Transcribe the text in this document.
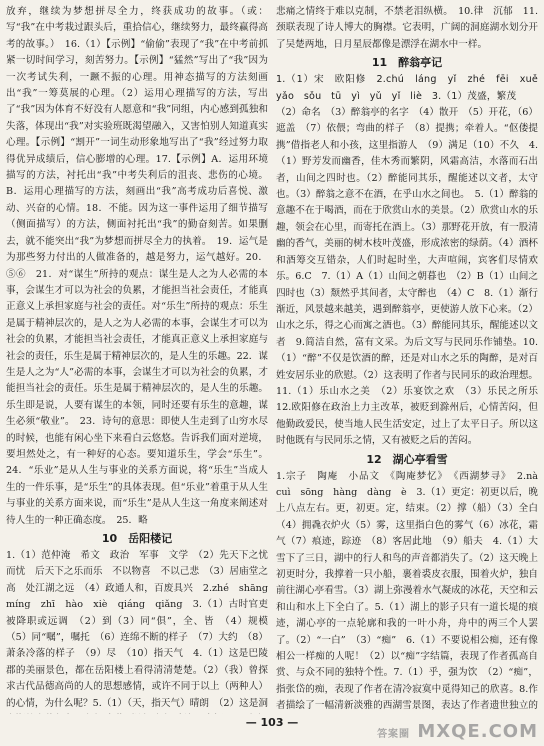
放弃，继续为梦想拼尽全力，终获成功的故事。（或：写“我”在中考栽过跟头后，重拾信心，继续努力，最终赢得高考的故事。）　16.（1）【示例】“偷偷”表现了“我”在中考前抓紧一切时间学习，刻苦努力。【示例】“猛然”写出了“我”因为一次考试失利，一蹶不振的心理。用神态描写的方法刻画出“我”一筹莫展的心理。（2）运用心理描写的方法，写出了“我”因为体育不好没有人愿意和“我”同组，内心感到孤独和失落，体现出“我”对实验班既渴望融入，又害怕别人知道真实心理。【示例】“割开”一词生动形象地写出了“我”经过努力取得优异成绩后，信心膨增的心理。17.【示例】A．运用环境描写的方法，衬托出“我”中考失利后的沮丧、悲伤的心境。B．运用心理描写的方法，刻画出“我”高考成功后喜悦、激动、兴奋的心情。18．不能。因为这一事件运用了细节描写（侧面描写）的方法，侧面衬托出“我”的勤奋刻苦。如果删去，就不能突出“我”为梦想而拼尽全力的执着。　19．运气是为那些努力付出的人做准备的，越是努力，运气越好。20．⑤⑥　21．对“谋生”所持的观点：谋生是人之为人必需的本事，会谋生才可以为社会的负累，才能担当社会责任，才能真正意义上承担家庭与社会的责任。对“乐生”所持的观点：乐生是属于精神层次的，是人之为人必需的本事，会谋生才可以为社会的负累，才能担当社会责任，才能真正意义上承担家庭与社会的责任，乐生是属于精神层次的，是人生的乐趣。22．谋生是人之为“人”必需的本事，会谋生才可以为社会的负累，才能担当社会的责任。乐生是属于精神层次的，是人生的乐趣。乐生即是说，人要有谋生的本领，同时还要有乐生的意趣，谋生必须“敬业”。　23．诗句的意思：即使人生走到了山穷水尽的时候，也能有闲心坐下来看白云悠悠。告诉我们面对逆境，要坦然处之，有一种好的心态。要知道乐生，学会“乐生”。24．“乐业”是从人生与事业的关系方面说，将“乐生”当成人生的一件乐事，是“乐生”的具体表现。但“乐业”着重于从人生与事业的关系方面来说，而“乐生”是从人生这一角度来阐述对待人生的一种正确态度。　25．略

10　岳阳楼记

1.（1）范仲淹　希文　政治　军事　文学　（2）先天下之忧而忧　后天下之乐而乐　不以物喜　不以己悲　（3）居庙堂之高　处江湖之远　（4）政通人和，百废具兴　2.zhé　shāng　míng　zhī　hào　xiè　qiáng　qiǎng　3.（1）古时官吏被降职或远调　（2）到（3）同“俱”，全、皆　（4）规模　（5）同“嘱”，嘱托　（6）连绵不断的样子　（7）大约　（8）萧条冷落的样子　（9）尽　（10）指天气　4.（1）这是巴陵郡的美丽景色，都在岳阳楼上看得清清楚楚。（2）（我）曾探求古代品德高尚的人的思想感情，或许不同于以上（两种人）的心情，为什么呢？5.（1）（天，指天气）晴朗　（2）这是洞　　　　　　　　　　

悲痛之情终于难以克制，不禁老泪纵横。　10.律　沉郁　11.颈联表现了诗人博大的胸襟。它表明，广阔的洞庭湖水划分开了吴楚两地，日月星辰都像是漂浮在湖水中一样。

11　醉翁亭记

1.（1）宋　欧阳修　2.chú　láng　yǐ　zhé　fēi　xuě　yǎo　sǒu　tū　yì　yǔ　yǐ　liè　3.（1）茂盛，繁茂

（2）命名　（3）醉翁亭的名字　（4）散开　（5）开花，（6）遮盖　（7）依偎；弯曲的样子　（8）提携；牵着人。“伛偻提携”借指老人和小孩，这里指游人　（9）满足（10）不久　4.（1）野芳发而幽香，佳木秀而繁阴，风霜高洁，水落而石出者，山间之四时也。（2）醉能同其乐，醒能述以文者，太守也。（3）醉翁之意不在酒，在乎山水之间也。　5.（1）醉翁的意趣不在于喝酒，而在于欣赏山水的美景。（2）欣赏山水的乐趣，领会在心里，而寄托在酒上。（3）那野花开放，有一股清幽的香气，美丽的树木枝叶茂盛，形成浓密的绿荫。（4）酒杯和酒筹交互错杂，人们时起时坐，大声喧闹，宾客们尽情欢乐。6.C　7.（1）A（1）山间之朝暮也　（2）B（1）山间之四时也（3）颓然乎其间者，太守醉也　（4）C　8.（1）渐行渐近，风景越来越美，遇到醉翁亭，更使游人放下心来。（2）山水之乐，得之心而寓之酒也。（3）醉能同其乐，醒能述以文者　9.简洁自然，富有文采。为后文写与民同乐作铺垫。10.（1）“醉”不仅是饮酒的醉，还是对山水之乐的陶醉，是对百姓安居乐业的欣慰。（2）这表明了作者与民同乐的政治理想。11.（1）乐山水之美　（2）乐宴饮之欢　（3）乐民之所乐　12.欧阳修在政治上力主改革，被贬到滁州后，心情苦闷，但他勤政爱民，使当地人民生活安定，过上了太平日子。所以这时他既有与民同乐之情，又有被贬之后的苦闷。

12　湖心亭看雪

1.宗子　陶庵　小品文　《陶庵梦忆》　《西湖梦寻》　2.nà　cuì　sōng　hàng　dàng　è　3.（1）更定：初更以后，晚上八点左右。更，初更。定，结束。（2）撑（船）（3）全白（4）拥毳衣炉火（5）雾，这里指白色的雾气（6）冰花，霜气（7）痕迹，踪迹　（8）客居此地　（9）船夫　4.（1）大雪下了三日，湖中的行人和鸟的声音都消失了。（2）这天晚上初更时分，我撑着一只小船，裹着裘皮衣服，围着火炉，独自前往湖心亭看雪。（3）湖上弥漫着水气凝成的冰花，天空和云和山和水上下全白了。5.（1）湖上的影子只有一道长堤的痕迹，湖心亭的一点轮廓和我的一叶小舟，舟中的两三个人罢了。（2）“一白”　（3）“痴”　6.（1）不要说相公痴，还有像相公一样痴的人呢！（2）以“痴”字结篇，表现了作者孤高自赏、与众不同的独特个性。7.（1）乎，强为饮　（2）“痴”，指张岱的痴，表现了作者在清冷寂寞中觅得知己的欣喜。8.作者描绘了一幅清新淡雅的西湖雪景图，表达了作者遗世独立的　

— 103 —
答案圈 MXQE.COM
